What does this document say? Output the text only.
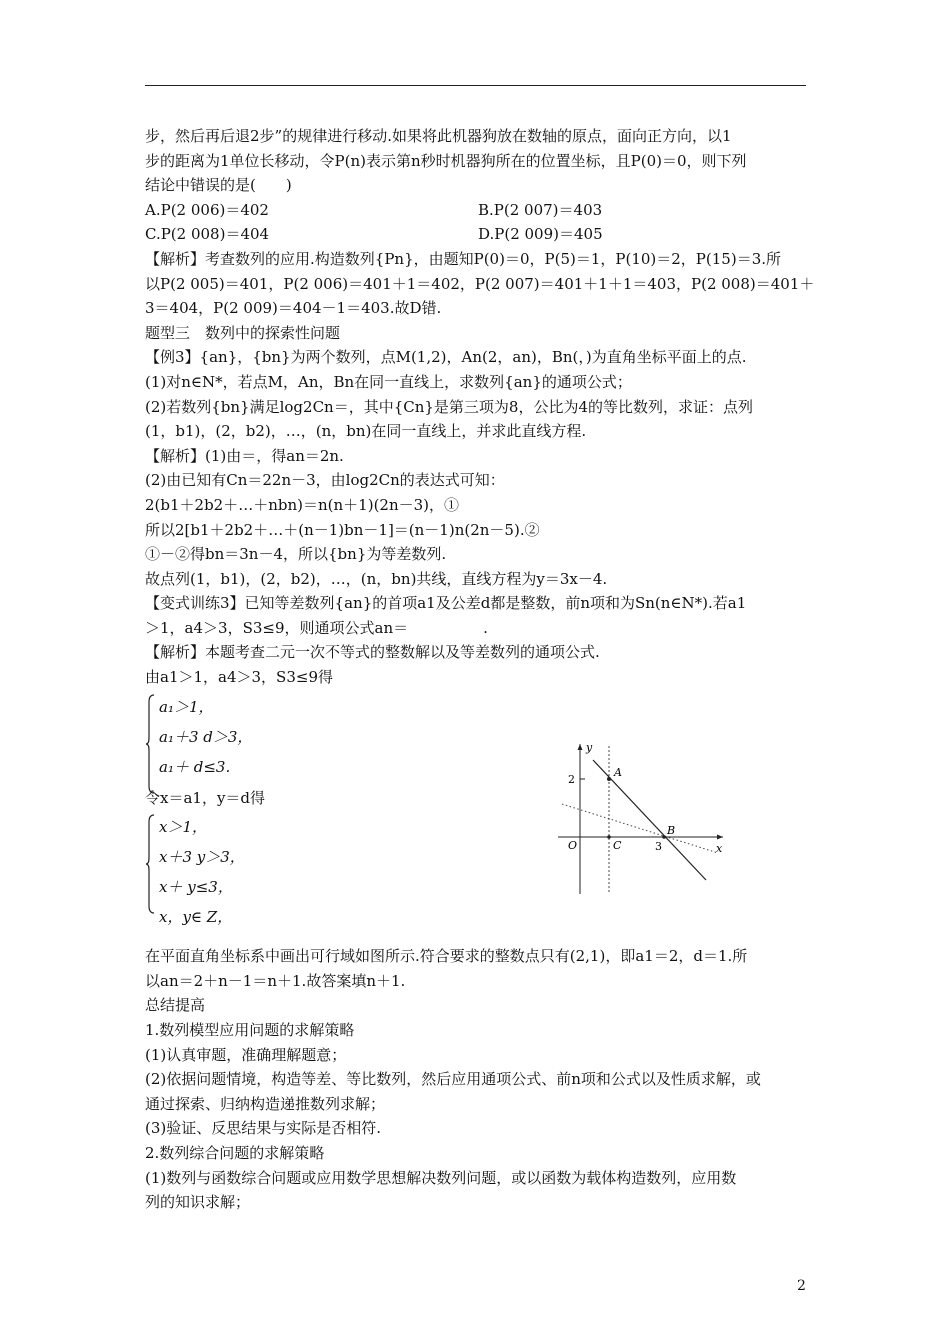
步，然后再后退2步”的规律进行移动.如果将此机器狗放在数轴的原点，面向正方向，以1
步的距离为1单位长移动，令P(n)表示第n秒时机器狗所在的位置坐标，且P(0)＝0，则下列
结论中错误的是(　　)
A.P(2 006)＝402	B.P(2 007)＝403
C.P(2 008)＝404	D.P(2 009)＝405
【解析】考查数列的应用.构造数列{Pn}，由题知P(0)＝0，P(5)＝1，P(10)＝2，P(15)＝3.所
以P(2 005)＝401，P(2 006)＝401＋1＝402，P(2 007)＝401＋1＋1＝403，P(2 008)＝401＋
3＝404，P(2 009)＝404－1＝403.故D错.
题型三　数列中的探索性问题
【例3】{an}，{bn}为两个数列，点M(1,2)，An(2，an)，Bn(，)为直角坐标平面上的点.
(1)对n∈N*，若点M，An，Bn在同一直线上，求数列{an}的通项公式；
(2)若数列{bn}满足log2Cn＝，其中{Cn}是第三项为8，公比为4的等比数列，求证：点列
(1，b1)，(2，b2)，…，(n，bn)在同一直线上，并求此直线方程.
【解析】(1)由＝，得an＝2n.
(2)由已知有Cn＝22n－3，由log2Cn的表达式可知：
2(b1＋2b2＋…＋nbn)＝n(n＋1)(2n－3)，①
所以2[b1＋2b2＋…＋(n－1)bn－1]＝(n－1)n(2n－5).②
①－②得bn＝3n－4，所以{bn}为等差数列.
故点列(1，b1)，(2，b2)，…，(n，bn)共线，直线方程为y＝3x－4.
【变式训练3】已知等差数列{an}的首项a1及公差d都是整数，前n项和为Sn(n∈N*).若a1
＞1，a4＞3，S3≤9，则通项公式an＝　　　　　.
【解析】本题考查二元一次不等式的整数解以及等差数列的通项公式.
由a1＞1，a4＞3，S3≤9得
a₁＞1，
a₁＋3 d＞3，
a₁＋ d≤3.
令x＝a1，y＝d得
x＞1，
x＋3 y＞3，
x＋ y≤3，
x，y∈ Z，
在平面直角坐标系中画出可行域如图所示.符合要求的整数点只有(2,1)，即a1＝2，d＝1.所
以an＝2＋n－1＝n＋1.故答案填n＋1.
总结提高
1.数列模型应用问题的求解策略
(1)认真审题，准确理解题意；
(2)依据问题情境，构造等差、等比数列，然后应用通项公式、前n项和公式以及性质求解，或
通过探索、归纳构造递推数列求解；
(3)验证、反思结果与实际是否相符.
2.数列综合问题的求解策略
(1)数列与函数综合问题或应用数学思想解决数列问题，或以函数为载体构造数列，应用数
列的知识求解；
y
x
O
A
B
C
2
3
2
